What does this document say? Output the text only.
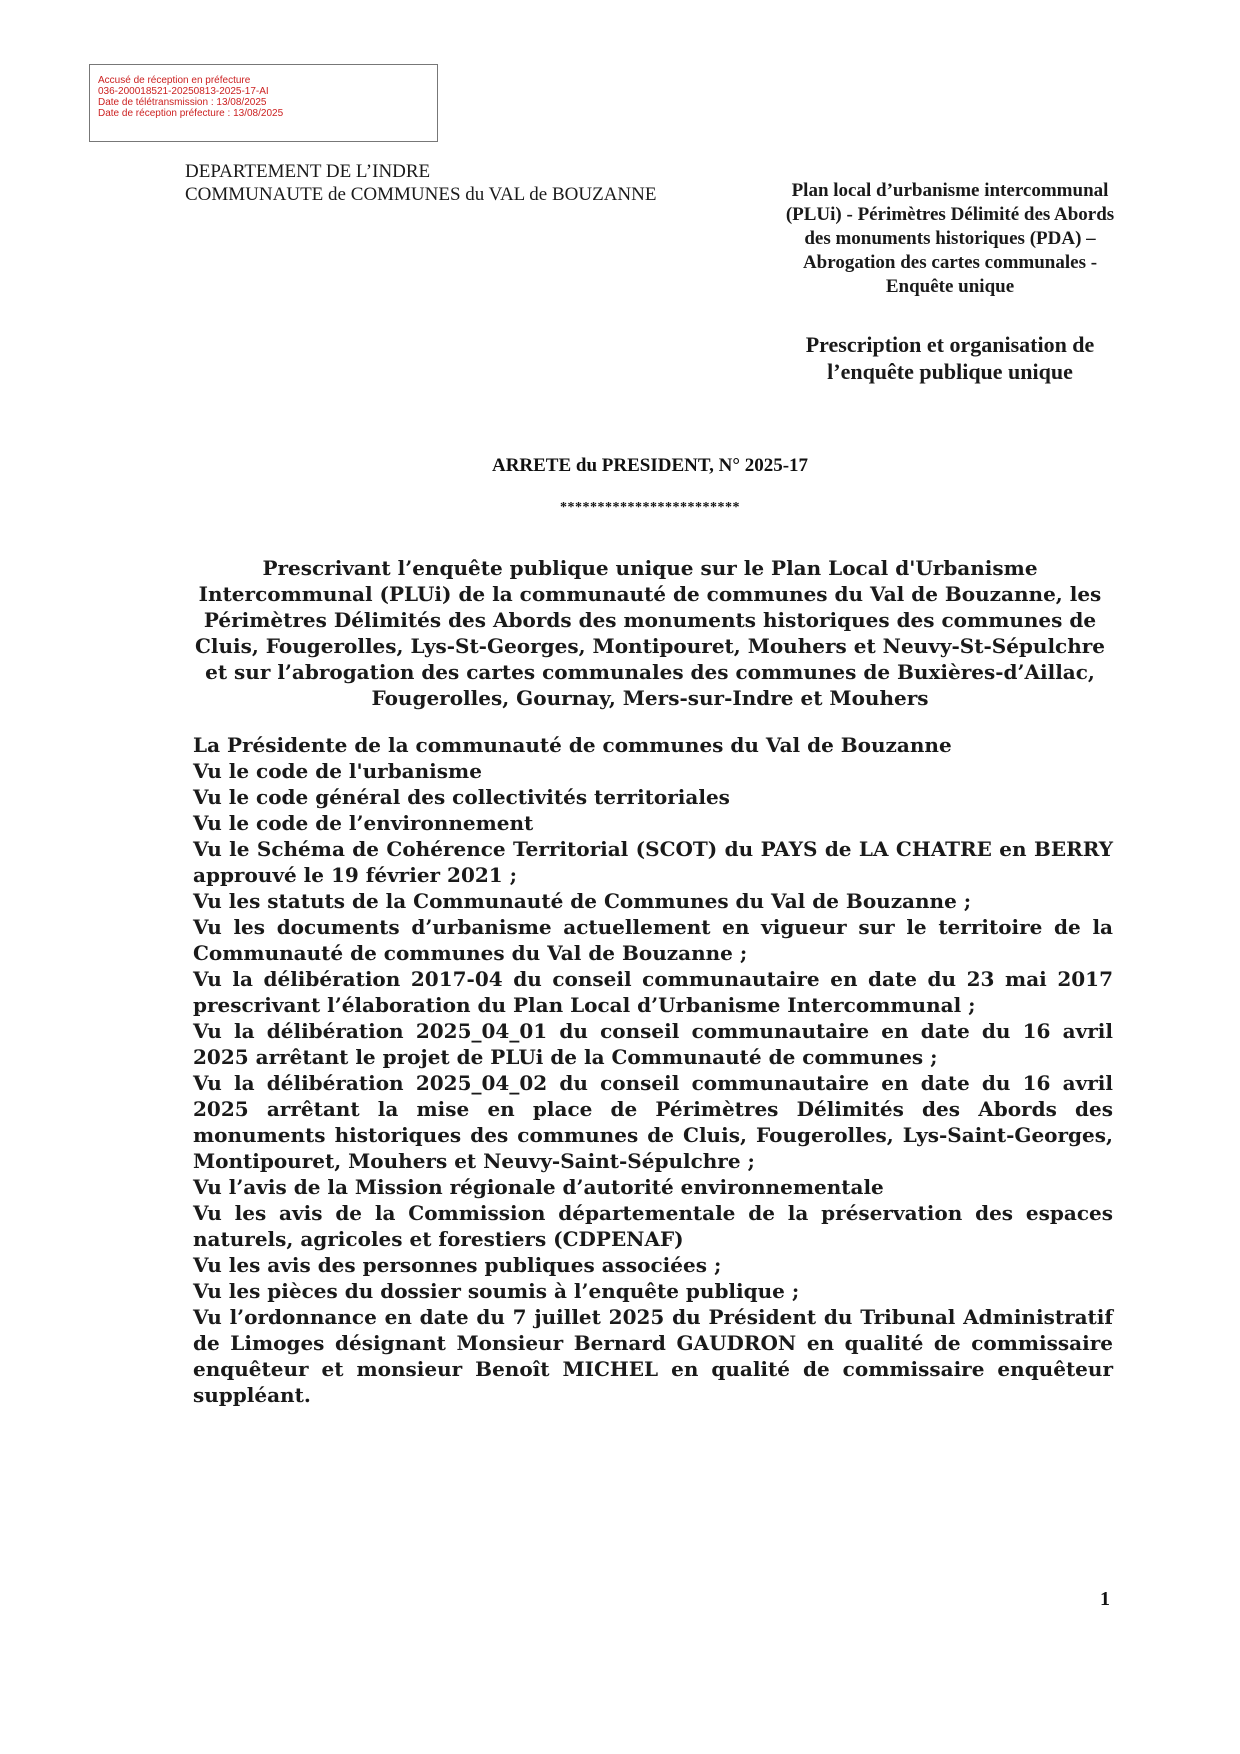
Accusé de réception en préfecture
036-200018521-20250813-2025-17-AI
Date de télétransmission : 13/08/2025
Date de réception préfecture : 13/08/2025
DEPARTEMENT DE L’INDRE
COMMUNAUTE de COMMUNES du VAL de BOUZANNE	Plan local d’urbanisme intercommunal
(PLUi) - Périmètres Délimité des Abords
des monuments historiques (PDA) –
Abrogation des cartes communales -
Enquête unique
Prescription et organisation de
l’enquête publique unique
ARRETE du PRESIDENT, N° 2025-17
************************
Prescrivant l’enquête publique unique sur le Plan Local d'Urbanisme
Intercommunal (PLUi) de la communauté de communes du Val de Bouzanne, les
Périmètres Délimités des Abords des monuments historiques des communes de
Cluis, Fougerolles, Lys-St-Georges, Montipouret, Mouhers et Neuvy-St-Sépulchre
et sur l’abrogation des cartes communales des communes de Buxières-d’Aillac,
Fougerolles, Gournay, Mers-sur-Indre et Mouhers
La Présidente de la communauté de communes du Val de Bouzanne
Vu le code de l'urbanisme
Vu le code général des collectivités territoriales
Vu le code de l’environnement
Vu le Schéma de Cohérence Territorial (SCOT) du PAYS de LA CHATRE en BERRY
approuvé le 19 février 2021 ;
Vu les statuts de la Communauté de Communes du Val de Bouzanne ;
Vu les documents d’urbanisme actuellement en vigueur sur le territoire de la
Communauté de communes du Val de Bouzanne ;
Vu la délibération 2017-04 du conseil communautaire en date du 23 mai 2017
prescrivant l’élaboration du Plan Local d’Urbanisme Intercommunal ;
Vu la délibération 2025_04_01 du conseil communautaire en date du 16 avril
2025 arrêtant le projet de PLUi de la Communauté de communes ;
Vu la délibération 2025_04_02 du conseil communautaire en date du 16 avril
2025 arrêtant la mise en place de Périmètres Délimités des Abords des
monuments historiques des communes de Cluis, Fougerolles, Lys-Saint-Georges,
Montipouret, Mouhers et Neuvy-Saint-Sépulchre ;
Vu l’avis de la Mission régionale d’autorité environnementale
Vu les avis de la Commission départementale de la préservation des espaces
naturels, agricoles et forestiers (CDPENAF)
Vu les avis des personnes publiques associées ;
Vu les pièces du dossier soumis à l’enquête publique ;
Vu l’ordonnance en date du 7 juillet 2025 du Président du Tribunal Administratif
de Limoges désignant Monsieur Bernard GAUDRON en qualité de commissaire
enquêteur et monsieur Benoît MICHEL en qualité de commissaire enquêteur
suppléant.
1
